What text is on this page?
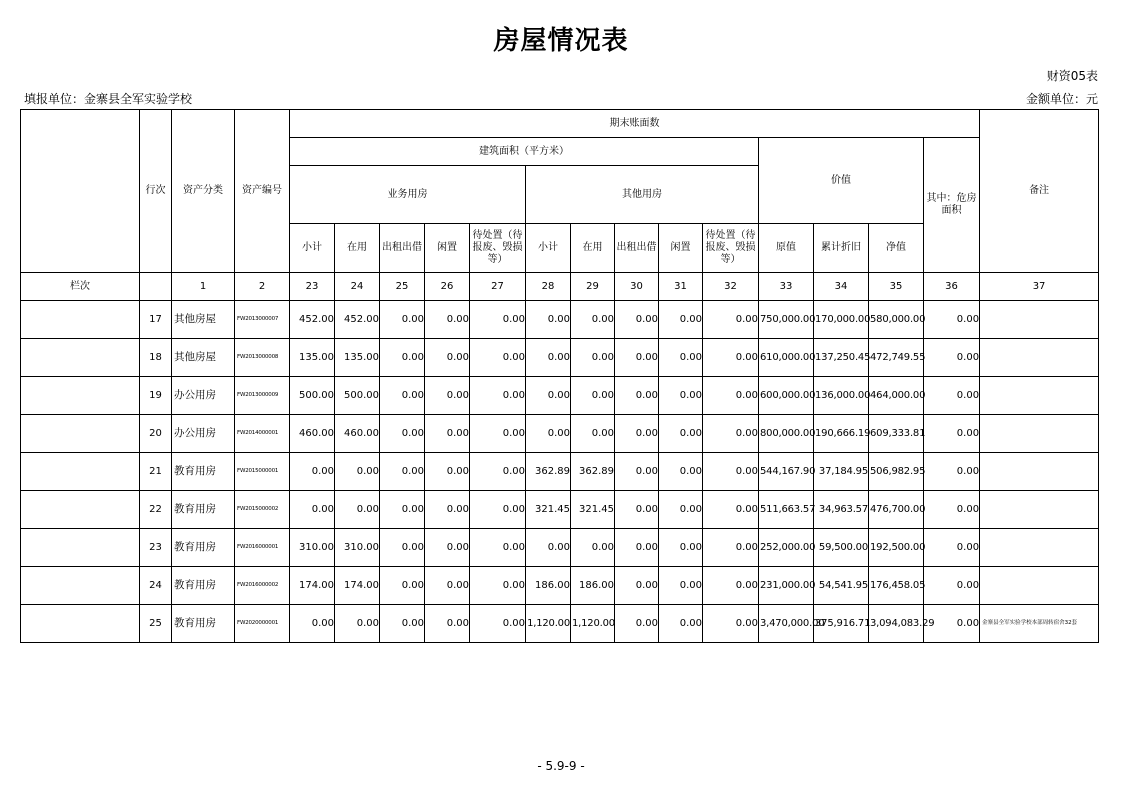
房屋情况表
财资05表
填报单位：金寨县全军实验学校	金额单位：元
	行次	资产分类	资产编号	期末账面数														备注
				建筑面积（平方米）										价值			其中：危房面积	
				业务用房					其他用房									
				小计	在用	出租出借	闲置	待处置（待报废、毁损等）	小计	在用	出租出借	闲置	待处置（待报废、毁损等）	原值	累计折旧	净值		
栏次		1	2	23	24	25	26	27	28	29	30	31	32	33	34	35	36	37
	17	其他房屋	FW2013000007	452.00	452.00	0.00	0.00	0.00	0.00	0.00	0.00	0.00	0.00	750,000.00	170,000.00	580,000.00	0.00	
	18	其他房屋	FW2013000008	135.00	135.00	0.00	0.00	0.00	0.00	0.00	0.00	0.00	0.00	610,000.00	137,250.45	472,749.55	0.00	
	19	办公用房	FW2013000009	500.00	500.00	0.00	0.00	0.00	0.00	0.00	0.00	0.00	0.00	600,000.00	136,000.00	464,000.00	0.00	
	20	办公用房	FW2014000001	460.00	460.00	0.00	0.00	0.00	0.00	0.00	0.00	0.00	0.00	800,000.00	190,666.19	609,333.81	0.00	
	21	教育用房	FW2015000001	0.00	0.00	0.00	0.00	0.00	362.89	362.89	0.00	0.00	0.00	544,167.90	37,184.95	506,982.95	0.00	
	22	教育用房	FW2015000002	0.00	0.00	0.00	0.00	0.00	321.45	321.45	0.00	0.00	0.00	511,663.57	34,963.57	476,700.00	0.00	
	23	教育用房	FW2016000001	310.00	310.00	0.00	0.00	0.00	0.00	0.00	0.00	0.00	0.00	252,000.00	59,500.00	192,500.00	0.00	
	24	教育用房	FW2016000002	174.00	174.00	0.00	0.00	0.00	186.00	186.00	0.00	0.00	0.00	231,000.00	54,541.95	176,458.05	0.00	
	25	教育用房	FW2020000001	0.00	0.00	0.00	0.00	0.00	1,120.00	1,120.00	0.00	0.00	0.00	3,470,000.00	375,916.71	3,094,083.29	0.00	金寨县全军实验学校本部周转宿舍32套
- 5.9-9 -
